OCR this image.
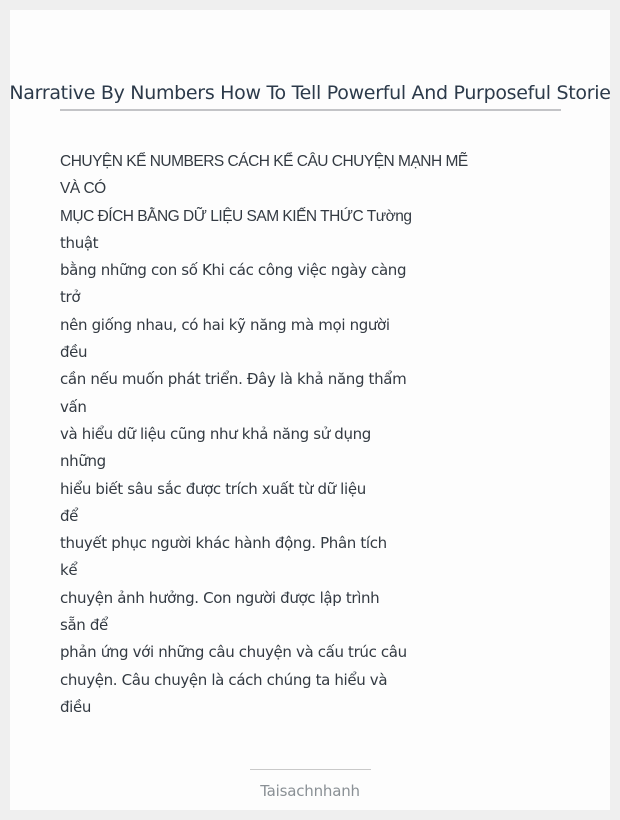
Narrative By Numbers How To Tell Powerful And Purposeful Storie
CHUYỆN KỂ NUMBERS CÁCH KỂ CÂU CHUYỆN MẠNH MẼ
VÀ CÓ
MỤC ĐÍCH BẰNG DỮ LIỆU SAM KIẾN THỨC Tường
thuật
bằng những con số Khi các công việc ngày càng
trở
nên giống nhau, có hai kỹ năng mà mọi người
đều
cần nếu muốn phát triển. Đây là khả năng thẩm
vấn
và hiểu dữ liệu cũng như khả năng sử dụng
những
hiểu biết sâu sắc được trích xuất từ dữ liệu
để
thuyết phục người khác hành động. Phân tích
kể
chuyện ảnh hưởng. Con người được lập trình
sẵn để
phản ứng với những câu chuyện và cấu trúc câu
chuyện. Câu chuyện là cách chúng ta hiểu và
điều
Taisachnhanh
